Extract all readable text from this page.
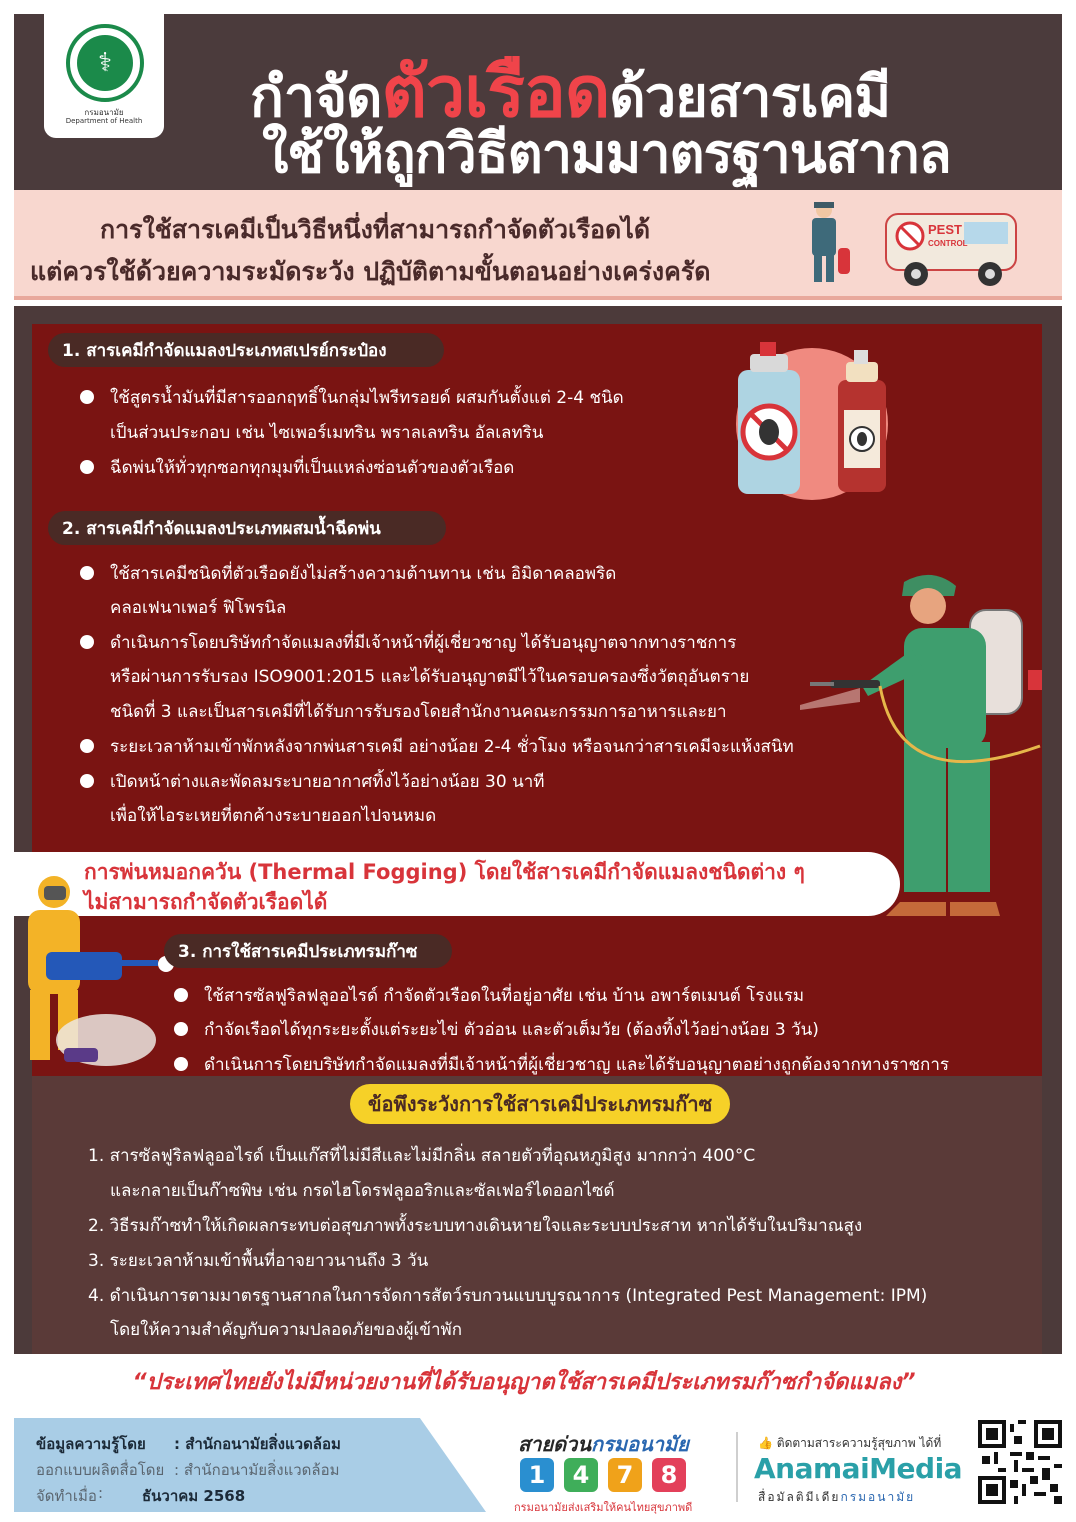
⚕
กรมอนามัย
Department of Health	กำจัดตัวเรือดด้วยสารเคมี
ใช้ให้ถูกวิธีตามมาตรฐานสากล
การใช้สารเคมีเป็นวิธีหนึ่งที่สามารถกำจัดตัวเรือดได้
แต่ควรใช้ด้วยความระมัดระวัง ปฏิบัติตามขั้นตอนอย่างเคร่งครัด
PEST
CONTROL
1. สารเคมีกำจัดแมลงประเภทสเปรย์กระป๋อง
ใช้สูตรน้ำมันที่มีสารออกฤทธิ์ในกลุ่มไพรีทรอยด์ ผสมกันตั้งแต่ 2-4 ชนิด
เป็นส่วนประกอบ เช่น ไซเพอร์เมทริน พราลเลทริน อัลเลทริน
ฉีดพ่นให้ทั่วทุกซอกทุกมุมที่เป็นแหล่งซ่อนตัวของตัวเรือด
2. สารเคมีกำจัดแมลงประเภทผสมน้ำฉีดพ่น
ใช้สารเคมีชนิดที่ตัวเรือดยังไม่สร้างความต้านทาน เช่น อิมิดาคลอพริด
คลอเฟนาเพอร์ ฟิโพรนิล
ดำเนินการโดยบริษัทกำจัดแมลงที่มีเจ้าหน้าที่ผู้เชี่ยวชาญ ได้รับอนุญาตจากทางราชการ
หรือผ่านการรับรอง ISO9001:2015 และได้รับอนุญาตมีไว้ในครอบครองซึ่งวัตถุอันตราย
ชนิดที่ 3 และเป็นสารเคมีที่ได้รับการรับรองโดยสำนักงานคณะกรรมการอาหารและยา
ระยะเวลาห้ามเข้าพักหลังจากพ่นสารเคมี อย่างน้อย 2-4 ชั่วโมง หรือจนกว่าสารเคมีจะแห้งสนิท
เปิดหน้าต่างและพัดลมระบายอากาศทิ้งไว้อย่างน้อย 30 นาที
เพื่อให้ไอระเหยที่ตกค้างระบายออกไปจนหมด
การพ่นหมอกควัน (Thermal Fogging) โดยใช้สารเคมีกำจัดแมลงชนิดต่าง ๆ
ไม่สามารถกำจัดตัวเรือดได้
3. การใช้สารเคมีประเภทรมก๊าซ
ใช้สารซัลฟูริลฟลูออไรด์ กำจัดตัวเรือดในที่อยู่อาศัย เช่น บ้าน อพาร์ตเมนต์ โรงแรม
กำจัดเรือดได้ทุกระยะตั้งแต่ระยะไข่ ตัวอ่อน และตัวเต็มวัย (ต้องทิ้งไว้อย่างน้อย 3 วัน)
ดำเนินการโดยบริษัทกำจัดแมลงที่มีเจ้าหน้าที่ผู้เชี่ยวชาญ และได้รับอนุญาตอย่างถูกต้องจากทางราชการ
ข้อพึงระวังการใช้สารเคมีประเภทรมก๊าซ
1. สารซัลฟูริลฟลูออไรด์ เป็นแก๊สที่ไม่มีสีและไม่มีกลิ่น สลายตัวที่อุณหภูมิสูง มากกว่า 400°C
และกลายเป็นก๊าซพิษ เช่น กรดไฮโดรฟลูออริกและซัลเฟอร์ไดออกไซด์
2. วิธีรมก๊าซทำให้เกิดผลกระทบต่อสุขภาพทั้งระบบทางเดินหายใจและระบบประสาท หากได้รับในปริมาณสูง
3. ระยะเวลาห้ามเข้าพื้นที่อาจยาวนานถึง 3 วัน
4. ดำเนินการตามมาตรฐานสากลในการจัดการสัตว์รบกวนแบบบูรณาการ (Integrated Pest Management: IPM)
โดยให้ความสำคัญกับความปลอดภัยของผู้เข้าพัก
“ประเทศไทยยังไม่มีหน่วยงานที่ได้รับอนุญาตใช้สารเคมีประเภทรมก๊าซกำจัดแมลง”
ข้อมูลความรู้โดย : สำนักอนามัยสิ่งแวดล้อม
ออกแบบผลิตสื่อโดย : สำนักอนามัยสิ่งแวดล้อม
จัดทำเมื่อ :	ธันวาคม 2568
สายด่วนกรมอนามัย
1	4	7	8
กรมอนามัยส่งเสริมให้คนไทยสุขภาพดี
👍 ติดตามสาระความรู้สุขภาพ ได้ที่
AnamaiMedia
สื่อมัลติมีเดียกรมอนามัย
